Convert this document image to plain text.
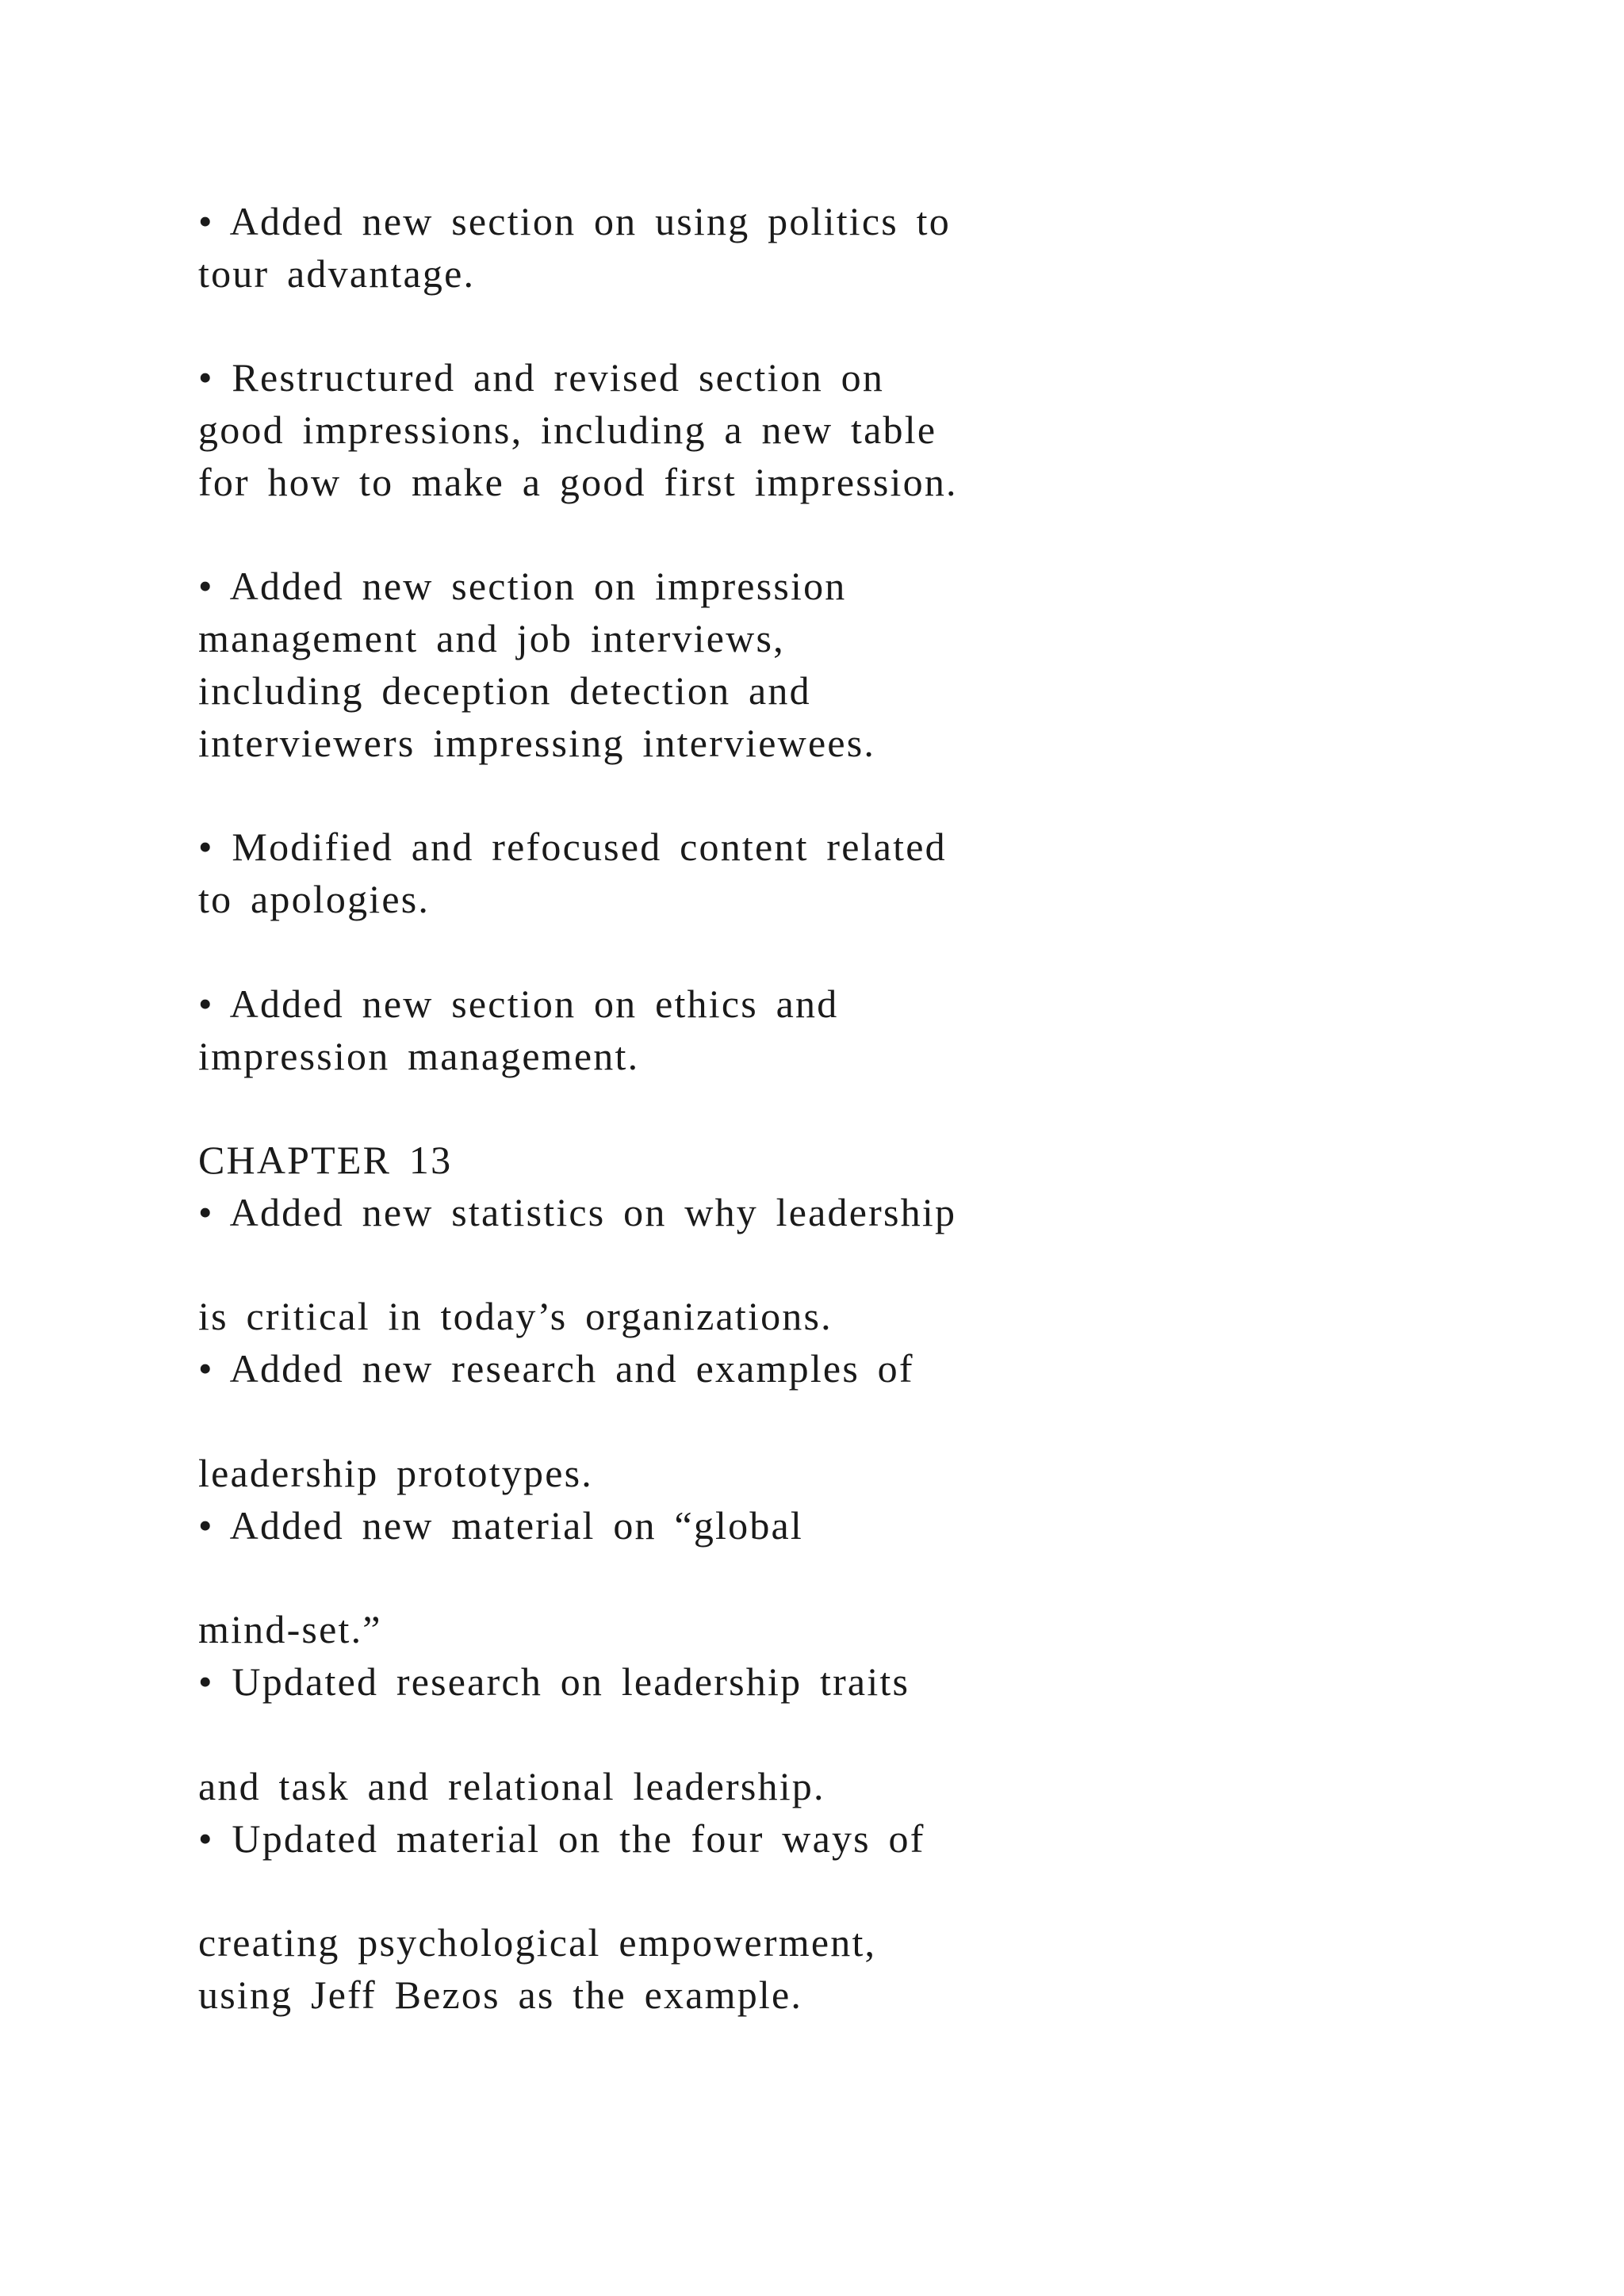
• Added new section on using politics to
tour advantage.
• Restructured and revised section on
good impressions, including a new table
for how to make a good first impression.
• Added new section on impression
management and job interviews,
including deception detection and
interviewers impressing interviewees.
• Modified and refocused content related
to apologies.
• Added new section on ethics and
impression management.
CHAPTER 13
• Added new statistics on why leadership
is critical in today’s organizations.
• Added new research and examples of
leadership prototypes.
• Added new material on “global
mind-set.”
• Updated research on leadership traits
and task and relational leadership.
• Updated material on the four ways of
creating psychological empowerment,
using Jeff Bezos as the example.
